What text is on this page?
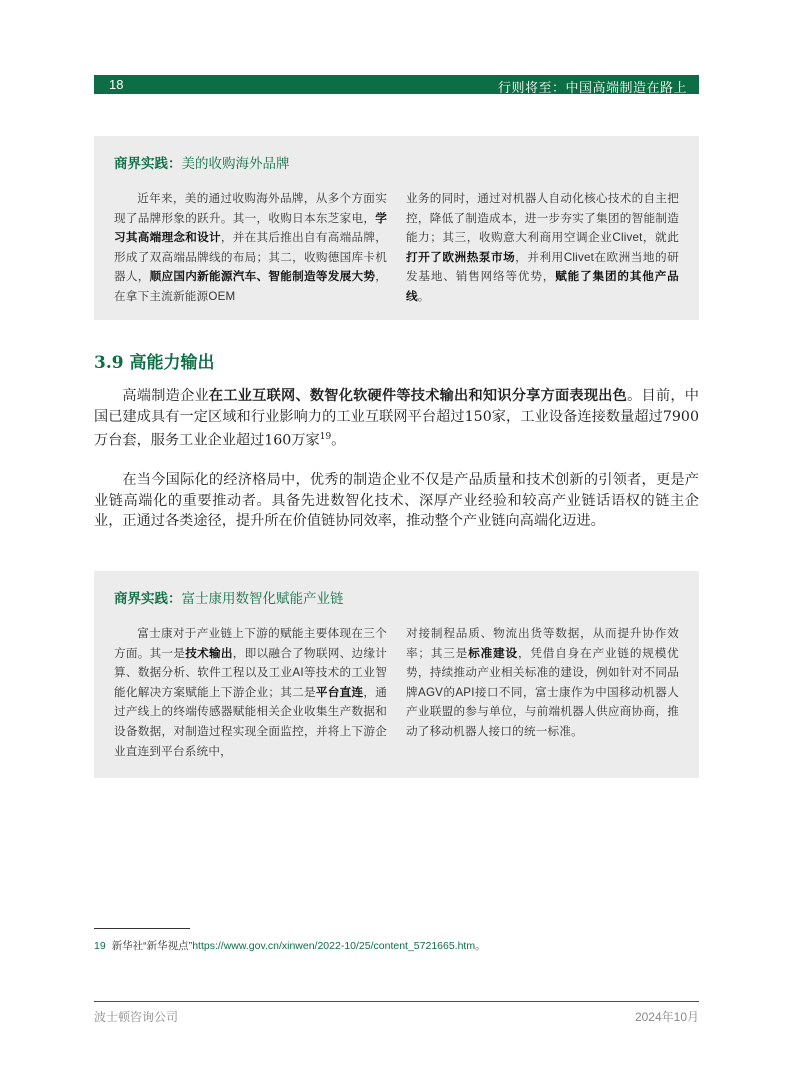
18	行则将至：中国高端制造在路上
商界实践：美的收购海外品牌
近年来，美的通过收购海外品牌，从多个方面实现了品牌形象的跃升。其一，收购日本东芝家电，学习其高端理念和设计，并在其后推出自有高端品牌，形成了双高端品牌线的布局；其二，收购德国库卡机器人，顺应国内新能源汽车、智能制造等发展大势，在拿下主流新能源OEM
业务的同时，通过对机器人自动化核心技术的自主把控，降低了制造成本，进一步夯实了集团的智能制造能力；其三，收购意大利商用空调企业Clivet，就此打开了欧洲热泵市场，并利用Clivet在欧洲当地的研发基地、销售网络等优势，赋能了集团的其他产品线。
3.9 高能力输出
高端制造企业在工业互联网、数智化软硬件等技术输出和知识分享方面表现出色。目前，中国已建成具有一定区域和行业影响力的工业互联网平台超过150家，工业设备连接数量超过7900万台套，服务工业企业超过160万家$^{19}$。
在当今国际化的经济格局中，优秀的制造企业不仅是产品质量和技术创新的引领者，更是产业链高端化的重要推动者。具备先进数智化技术、深厚产业经验和较高产业链话语权的链主企业，正通过各类途径，提升所在价值链协同效率，推动整个产业链向高端化迈进。
商界实践：富士康用数智化赋能产业链
富士康对于产业链上下游的赋能主要体现在三个方面。其一是技术输出，即以融合了物联网、边缘计算、数据分析、软件工程以及工业AI等技术的工业智能化解决方案赋能上下游企业；其二是平台直连，通过产线上的终端传感器赋能相关企业收集生产数据和设备数据，对制造过程实现全面监控，并将上下游企业直连到平台系统中，
对接制程品质、物流出货等数据，从而提升协作效率；其三是标准建设，凭借自身在产业链的规模优势，持续推动产业相关标准的建设，例如针对不同品牌AGV的API接口不同，富士康作为中国移动机器人产业联盟的参与单位，与前端机器人供应商协商，推动了移动机器人接口的统一标准。
19 新华社“新华视点”https://www.gov.cn/xinwen/2022-10/25/content_5721665.htm。
波士顿咨询公司	2024年10月
